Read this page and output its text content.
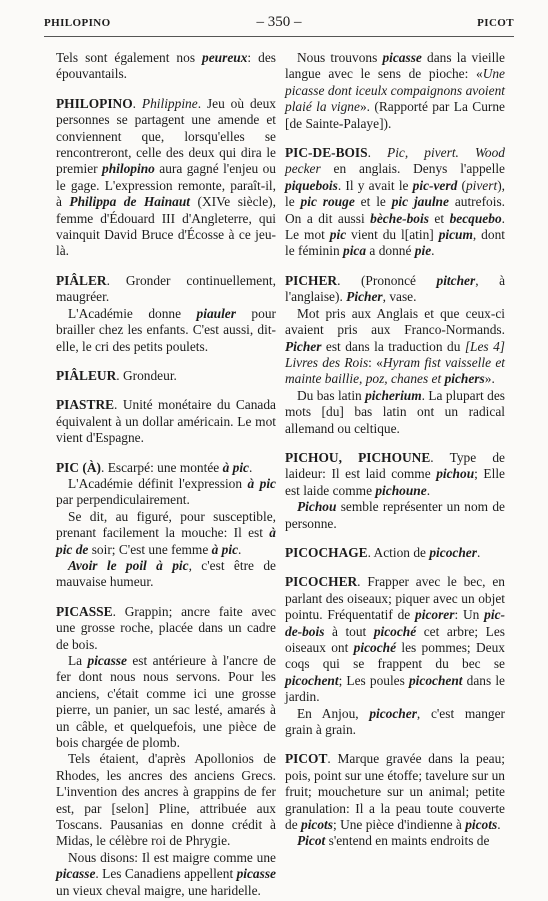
PHILOPINO	– 350 –	PICOT

Tels sont également nos peureux: des épouvantails.

PHILOPINO. Philippine. Jeu où deux personnes se partagent une amende et conviennent que, lorsqu'elles se rencontreront, celle des deux qui dira le premier philopino aura gagné l'enjeu ou le gage. L'expression remonte, paraît-il, à Philippa de Hainaut (XIVe siècle), femme d'Édouard III d'Angleterre, qui vainquit David Bruce d'Écosse à ce jeu-là.

PIÂLER. Gronder continuellement, maugréer.

L'Académie donne piauler pour brailler chez les enfants. C'est aussi, dit-elle, le cri des petits poulets.

PIÂLEUR. Grondeur.

PIASTRE. Unité monétaire du Canada équivalent à un dollar américain. Le mot vient d'Espagne.

PIC (À). Escarpé: une montée à pic.

L'Académie définit l'expression à pic par perpendiculairement.

Se dit, au figuré, pour susceptible, prenant facilement la mouche: Il est à pic de soir; C'est une femme à pic.

Avoir le poil à pic, c'est être de mauvaise humeur.

PICASSE. Grappin; ancre faite avec une grosse roche, placée dans un cadre de bois.

La picasse est antérieure à l'ancre de fer dont nous nous servons. Pour les anciens, c'était comme ici une grosse pierre, un panier, un sac lesté, amarés à un câble, et quelquefois, une pièce de bois chargée de plomb.

Tels étaient, d'après Apollonios de Rhodes, les ancres des anciens Grecs. L'invention des ancres à grappins de fer est, par [selon] Pline, attribuée aux Toscans. Pausanias en donne crédit à Midas, le célèbre roi de Phrygie.

Nous disons: Il est maigre comme une picasse. Les Canadiens appellent picasse un vieux cheval maigre, une haridelle.

Nous trouvons picasse dans la vieille langue avec le sens de pioche: «Une picasse dont iceulx compaignons avoient plaié la vigne». (Rapporté par La Curne [de Sainte-Palaye]).

PIC-DE-BOIS. Pic, pivert. Wood pecker en anglais. Denys l'appelle piquebois. Il y avait le pic-verd (pivert), le pic rouge et le pic jaulne autrefois. On a dit aussi bèche-bois et becquebo. Le mot pic vient du l[atin] picum, dont le féminin pica a donné pie.

PICHER. (Prononcé pitcher, à l'anglaise). Picher, vase.

Mot pris aux Anglais et que ceux-ci avaient pris aux Franco-Normands. Picher est dans la traduction du [Les 4] Livres des Rois: «Hyram fist vaisselle et mainte baillie, poz, chanes et pichers».

Du bas latin picherium. La plupart des mots [du] bas latin ont un radical allemand ou celtique.

PICHOU, PICHOUNE. Type de laideur: Il est laid comme pichou; Elle est laide comme pichoune.

Pichou semble représenter un nom de personne.

PICOCHAGE. Action de picocher.

PICOCHER. Frapper avec le bec, en parlant des oiseaux; piquer avec un objet pointu. Fréquentatif de picorer: Un pic-de-bois à tout picoché cet arbre; Les oiseaux ont picoché les pommes; Deux coqs qui se frappent du bec se picochent; Les poules picochent dans le jardin.

En Anjou, picocher, c'est manger grain à grain.

PICOT. Marque gravée dans la peau; pois, point sur une étoffe; tavelure sur un fruit; moucheture sur un animal; petite granulation: Il a la peau toute couverte de picots; Une pièce d'indienne à picots.

Picot s'entend en maints endroits de
